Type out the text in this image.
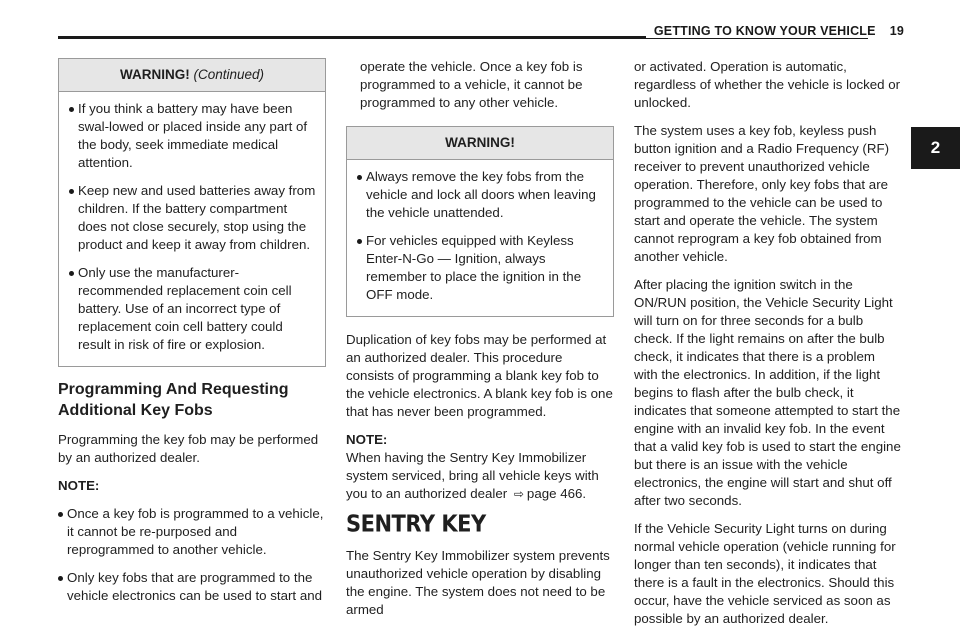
GETTING TO KNOW YOUR VEHICLE 19
2
WARNING! (Continued)
If you think a battery may have been swal-lowed or placed inside any part of the body, seek immediate medical attention.
Keep new and used batteries away from children. If the battery compartment does not close securely, stop using the product and keep it away from children.
Only use the manufacturer-recommended replacement coin cell battery. Use of an incorrect type of replacement coin cell battery could result in risk of fire or explosion.
Programming And Requesting Additional Key Fobs

Programming the key fob may be performed by an authorized dealer.

NOTE:

Once a key fob is programmed to a vehicle, it cannot be re-purposed and reprogrammed to another vehicle.
Only key fobs that are programmed to the vehicle electronics can be used to start and

operate the vehicle. Once a key fob is programmed to a vehicle, it cannot be programmed to any other vehicle.

WARNING!
Always remove the key fobs from the vehicle and lock all doors when leaving the vehicle unattended.
For vehicles equipped with Keyless Enter-N-Go — Ignition, always remember to place the ignition in the OFF mode.

Duplication of key fobs may be performed at an authorized dealer. This procedure consists of programming a blank key fob to the vehicle electronics. A blank key fob is one that has never been programmed.

NOTE:

When having the Sentry Key Immobilizer system serviced, bring all vehicle keys with you to an authorized dealer ⇨ page 466.

SENTRY KEY

The Sentry Key Immobilizer system prevents unauthorized vehicle operation by disabling the engine. The system does not need to be armed

or activated. Operation is automatic, regardless of whether the vehicle is locked or unlocked.

The system uses a key fob, keyless push button ignition and a Radio Frequency (RF) receiver to prevent unauthorized vehicle operation. Therefore, only key fobs that are programmed to the vehicle can be used to start and operate the vehicle. The system cannot reprogram a key fob obtained from another vehicle.

After placing the ignition switch in the ON/RUN position, the Vehicle Security Light will turn on for three seconds for a bulb check. If the light remains on after the bulb check, it indicates that there is a problem with the electronics. In addition, if the light begins to flash after the bulb check, it indicates that someone attempted to start the engine with an invalid key fob. In the event that a valid key fob is used to start the engine but there is an issue with the vehicle electronics, the engine will start and shut off after two seconds.

If the Vehicle Security Light turns on during normal vehicle operation (vehicle running for longer than ten seconds), it indicates that there is a fault in the electronics. Should this occur, have the vehicle serviced as soon as possible by an authorized dealer.
